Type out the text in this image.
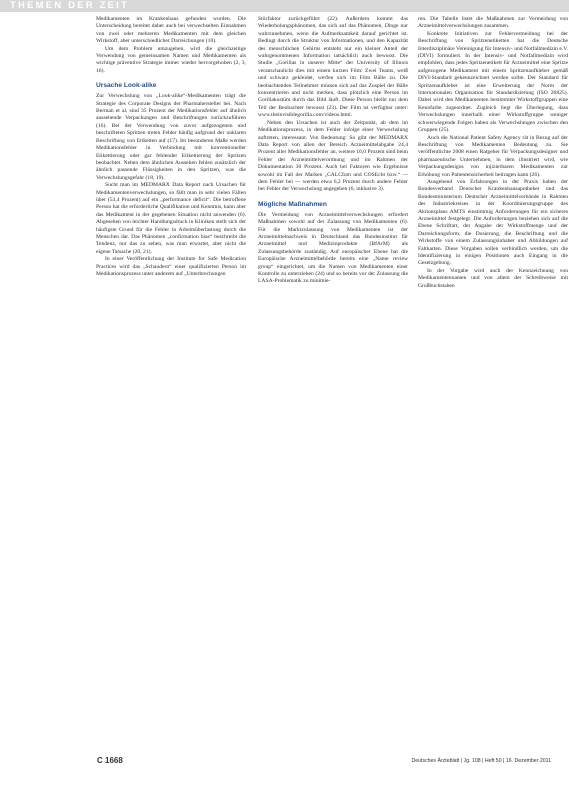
THEMEN DER ZEIT

Medikamenten im Krankenhaus gefunden wurden. Die Unterscheidung bereitet daher auch bei verwechselten Einnahmen von zwei oder mehreren Medikamenten mit dem gleichen Wirkstoff, aber unterschiedlicher Darreichungen (10).

Um dem Problem umzugehen, wird die gleichzeitige Verwendung von gemeinsamen Namen und Medikamenten als wichtige präventive Strategie immer wieder hervorgehoben (2, 3, 16).

Ursache Look-alike

Zur Verwechslung von „Look-alike“-Medikamenten trägt die Strategie des Corporate Designs der Pharmahersteller bei. Nach Berman et al. sind 35 Prozent der Medikationsfehler auf ähnlich aussehende Verpackungen und Beschriftungen zurückzuführen (16). Bei der Verwendung von zuvor aufgezogenen und beschrifteten Spritzen treten Fehler häufig aufgrund der unklaren Beschriftung von Etiketten auf (17). Im besonderen Maße werden Medikationsfehler in Verbindung mit konventioneller Etikettierung oder gar fehlender Etikettierung der Spritzen beobachtet. Neben dem ähnlichen Aussehen fehlen zusätzlich der ähnlich passende Flüssigkeiten in den Spritzen, was die Verwechslungsgefahr (18, 19).

Sucht man im MEDMARX Data Report nach Ursachen für Medikamentenverwechslungen, so fällt man in sehr vielen Fällen über (53,4 Prozent) auf ein „performance deficit“. Die betroffene Person hat die erforderliche Qualifikation und Kenntnis, kann aber das Medikament in der gegebenen Situation nicht anwenden (6). Abgesehen von leichter Handlungsdruck in Kliniken stellt sich der häufigste Grund für die Fehler in Arbeitsüberlastung durch die Menschen dar. Das Phänomen „confirmation bias“ beschreibt die Tendenz, nur das zu sehen, was man erwartet, aber nicht die eigene Tatsache (20, 21).

In einer Veröffentlichung der Institute for Safe Medication Practices wird das „Schaudern“ einer qualifizierten Person im Medikationsprozess unter anderem auf „Unterbrechungen

Störfaktor zurückgeführt (22). Außerdem kommt das Wiederholungsphänomen, das sich auf das Phänomen, Dinge nur wahrzunehmen, wenn die Aufmerksamkeit darauf gerichtet ist. Bedingt durch die Struktur von Informationen, und den Kapazität des menschlichen Gehirns entsteht nur ein kleiner Anteil der wahrgenommenen Information tatsächlich auch bewusst. Die Studie „Gorillas in unserer Mitte“ der University of Illinois veranschaulicht dies mit einem kurzen Film: Zwei Teams, weiß und schwarz gekleidet, werfen sich im Film Bälle zu. Die beobachtenden Teilnehmer müssen sich auf das Zuspiel der Bälle konzentrieren und nicht merken, dass plötzlich eine Person im Gorillakostüm durch das Bild läuft. Diese Person bleibt nur dem Teil der Beobachter bewusst (23). Der Film ist verfügbar unter: www.theinvisiblegorilla.com/videos.html.

Neben den Ursachen ist auch der Zeitpunkt, ab dem im Medikationsprozess, in dem Fehler infolge einer Verwechslung auftreten, interessant. Von Bedeutung: So gibt der MEDMARX Data Report von allen der Bereich Arzneimittelabgabe 24,4 Prozent aller Medikationsfehler an, weitere 16,0 Prozent sind beim Fehler der Arzneimittelverordnung und im Rahmen der Dokumentation 30 Prozent. Auch bei Faktoren wie Ergebnisse sowohl im Fall der Marken „CALCIum und COSEcht bzw.“ — dem Fehler bei — werden etwa 6,2 Prozent durch andere Fehler bei Fehler der Verwechslung angegeben (6, inklusive 3).

Mögliche Maßnahmen

Die Vermeidung von Arzneimittelverwechslungen erfordert Maßnahmen sowohl auf der Zulassung von Medikamenten (6). Für die Marktzulassung von Medikamenten ist der Arzneimittelnachweis in Deutschland das Bundesinstitut für Arzneimittel und Medizinprodukte (BfArM) als Zulassungsbehörde zuständig. Auf europäischer Ebene hat die Europäische Arzneimittelbehörde bereits eine „Name review group“ eingerichtet, um die Namen von Medikamenten einer Kontrolle zu unterziehen (24) und so bereits vor der Zulassung die LASA-Problematik zu minimie-

ren. Die Tabelle listet die Maßnahmen zur Vermeidung von Arzneimittelverwechslungen zusammen.

Konkrete Initiativen zur Fehlervermeidung bei der Beschriftung von Spritzenetiketten hat die Deutsche Interdisziplinäre Vereinigung für Intensiv- und Notfallmedizin e.V. (DIVI) formuliert. In der Intensiv- und Notfallmedizin wird empfohlen, dass jedes Spritzenetikett für Arzneimittel eine Spritze aufgezogene Medikament mit einem Spritzenaufkleber gemäß DIVI-Standard gekennzeichnet werden sollte. Der Standard für Spritzenaufkleber ist eine Erweiterung der Norm der Internationalen Organisation für Standardisierung (ISO 26825). Dabei wird den Medikamenten bestimmter Wirkstoffgruppen eine Kennfarbe zugeordnet. Zugleich liegt die Überlegung, dass Verwechslungen innerhalb einer Wirkstoffgruppe weniger schwerwiegende Folgen haben als Verwechslungen zwischen den Gruppen (25).

Auch die National Patient Safety Agency rät in Bezug auf der Beschriftung von Medikamenten Bedeutung zu. Sie veröffentlichte 2008 einen Ratgeber für Verpackungsdesigner und pharmazeutische Unternehmen, in dem illustriert wird, wie Verpackungsdesigns von injizierbaren Medikamenten zur Erhöhung von Patientensicherheit beitragen kann (26).

Ausgehend von Erfahrungen in der Praxis haben der Bundesverband Deutscher Krankenhausapotheker und das Bundesministerium Deutscher Arzneimittelverbände in Rahmen des Industriekreises in der Koordinierungsgruppe des Aktionsplans AMTS einstimmig Anforderungen für ein sicheres Arzneimittel festgelegt. Die Anforderungen beziehen sich auf die Ebene Schriftart, der Angabe der Wirkstoffmenge und der Darreichungsform, die Dosierung, die Beschriftung und die Wirkstoffe von einem Zulassungsinhaber und Abbildungen auf Faltkarten. Diese Vorgaben sollen verbindlich werden, um die Identifizierung in einigen Positionen auch Eingang in die Gesetzgebung.

In der Vorgabe wird auch der Kennzeichnung von Medikamentennamen und von allem der Schreibweise mit Großbuchstaben

C 1668	Deutsches Ärzteblatt | Jg. 108 | Heft 50 | 16. Dezember 2011
